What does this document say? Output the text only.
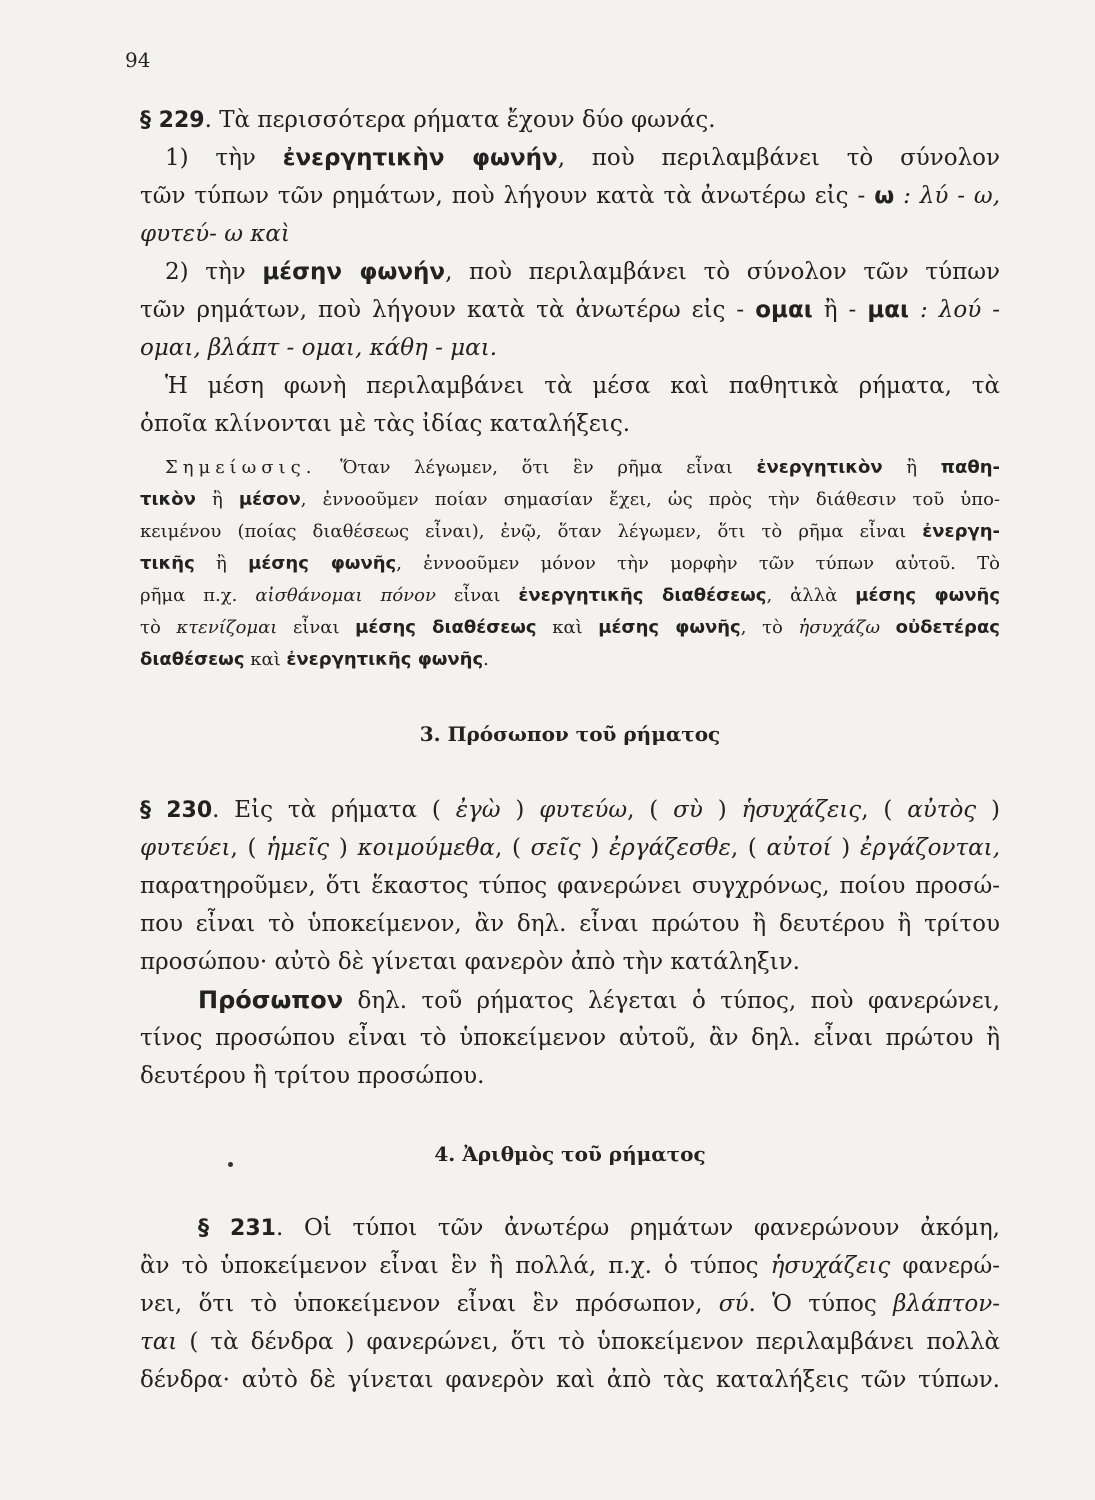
94
§ 229. Τὰ περισσότερα ρήματα ἔχουν δύο φωνάς.
1) τὴν ἐνεργητικὴν φωνήν, ποὺ περιλαμβάνει τὸ σύνολον
τῶν τύπων τῶν ρημάτων, ποὺ λήγουν κατὰ τὰ ἀνωτέρω εἰς - ω : λύ - ω,
φυτεύ- ω καὶ
2) τὴν μέσην φωνήν, ποὺ περιλαμβάνει τὸ σύνολον τῶν τύπων
τῶν ρημάτων, ποὺ λήγουν κατὰ τὰ ἀνωτέρω εἰς - ομαι ἢ - μαι : λού -
ομαι, βλάπτ - ομαι, κάθη - μαι.
Ἡ μέση φωνὴ περιλαμβάνει τὰ μέσα καὶ παθητικὰ ρήματα, τὰ
ὁποῖα κλίνονται μὲ τὰς ἰδίας καταλήξεις.
Σημείωσις. Ὅταν λέγωμεν, ὅτι ἓν ρῆμα εἶναι ἐνεργητικὸν ἢ παθη-
τικὸν ἢ μέσον, ἐννοοῦμεν ποίαν σημασίαν ἔχει, ὡς πρὸς τὴν διάθεσιν τοῦ ὑπο-
κειμένου (ποίας διαθέσεως εἶναι), ἐνῷ, ὅταν λέγωμεν, ὅτι τὸ ρῆμα εἶναι ἐνεργη-
τικῆς ἢ μέσης φωνῆς, ἐννοοῦμεν μόνον τὴν μορφὴν τῶν τύπων αὐτοῦ. Τὸ
ρῆμα π.χ. αἰσθάνομαι πόνον εἶναι ἐνεργητικῆς διαθέσεως, ἀλλὰ μέσης φωνῆς
τὸ κτενίζομαι εἶναι μέσης διαθέσεως καὶ μέσης φωνῆς, τὸ ἡσυχάζω οὐδετέρας
διαθέσεως καὶ ἐνεργητικῆς φωνῆς.
3. Πρόσωπον τοῦ ρήματος
§ 230. Εἰς τὰ ρήματα ( ἐγὼ ) φυτεύω, ( σὺ ) ἡσυχάζεις, ( αὐτὸς )
φυτεύει, ( ἡμεῖς ) κοιμούμεθα, ( σεῖς ) ἐργάζεσθε, ( αὐτοί ) ἐργάζονται,
παρατηροῦμεν, ὅτι ἕκαστος τύπος φανερώνει συγχρόνως, ποίου προσώ-
που εἶναι τὸ ὑποκείμενον, ἂν δηλ. εἶναι πρώτου ἢ δευτέρου ἢ τρίτου
προσώπου· αὐτὸ δὲ γίνεται φανερὸν ἀπὸ τὴν κατάληξιν.
Πρόσωπον δηλ. τοῦ ρήματος λέγεται ὁ τύπος, ποὺ φανερώνει,
τίνος προσώπου εἶναι τὸ ὑποκείμενον αὐτοῦ, ἂν δηλ. εἶναι πρώτου ἢ
δευτέρου ἢ τρίτου προσώπου.
4. Ἀριθμὸς τοῦ ρήματος
§ 231. Οἱ τύποι τῶν ἀνωτέρω ρημάτων φανερώνουν ἀκόμη,
ἂν τὸ ὑποκείμενον εἶναι ἓν ἢ πολλά, π.χ. ὁ τύπος ἡσυχάζεις φανερώ-
νει, ὅτι τὸ ὑποκείμενον εἶναι ἓν πρόσωπον, σύ. Ὁ τύπος βλάπτον-
ται ( τὰ δένδρα ) φανερώνει, ὅτι τὸ ὑποκείμενον περιλαμβάνει πολλὰ
δένδρα· αὐτὸ δὲ γίνεται φανερὸν καὶ ἀπὸ τὰς καταλήξεις τῶν τύπων.
